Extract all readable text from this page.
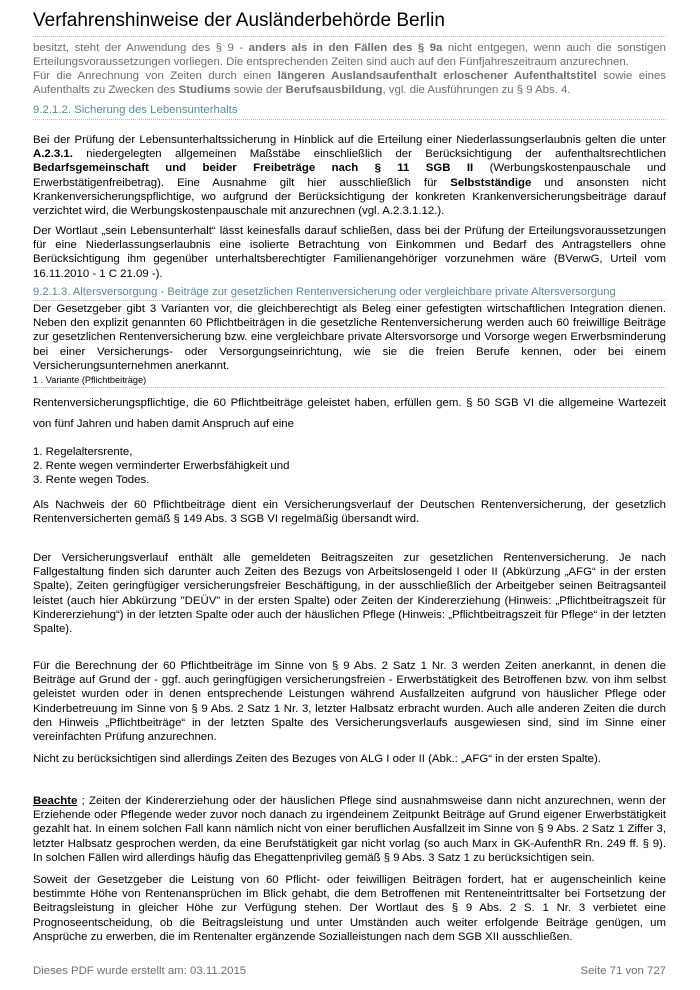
Verfahrenshinweise der Ausländerbehörde Berlin
besitzt, steht der Anwendung des § 9 - anders als in den Fällen des § 9a nicht entgegen, wenn auch die sonstigen Erteilungsvoraussetzungen vorliegen. Die entsprechenden Zeiten sind auch auf den Fünfjahreszeitraum anzurechnen.
Für die Anrechnung von Zeiten durch einen längeren Auslandsaufenthalt erloschener Aufenthaltstitel sowie eines Aufenthalts zu Zwecken des Studiums sowie der Berufsausbildung, vgl. die Ausführungen zu § 9 Abs. 4.
9.2.1.2. Sicherung des Lebensunterhalts
Bei der Prüfung der Lebensunterhaltssicherung in Hinblick auf die Erteilung einer Niederlassungserlaubnis gelten die unter A.2.3.1. niedergelegten allgemeinen Maßstäbe einschließlich der Berücksichtigung der aufenthaltsrechtlichen Bedarfsgemeinschaft und beider Freibeträge nach § 11 SGB II (Werbungskostenpauschale und Erwerbstätigenfreibetrag). Eine Ausnahme gilt hier ausschließlich für Selbstständige und ansonsten nicht Krankenversicherungspflichtige, wo aufgrund der Berücksichtigung der konkreten Krankenversicherungsbeiträge darauf verzichtet wird, die Werbungskostenpauschale mit anzurechnen (vgl. A.2.3.1.12.).
Der Wortlaut „sein Lebensunterhalt“ lässt keinesfalls darauf schließen, dass bei der Prüfung der Erteilungsvoraussetzungen für eine Niederlassungserlaubnis eine isolierte Betrachtung von Einkommen und Bedarf des Antragstellers ohne Berücksichtigung ihm gegenüber unterhaltsberechtigter Familienangehöriger vorzunehmen wäre (BVerwG, Urteil vom 16.11.2010 - 1 C 21.09 -).
9.2.1.3. Altersversorgung - Beiträge zur gesetzlichen Rentenversicherung oder vergleichbare private Altersversorgung
Der Gesetzgeber gibt 3 Varianten vor, die gleichberechtigt als Beleg einer gefestigten wirtschaftlichen Integration dienen. Neben den explizit genannten 60 Pflichtbeiträgen in die gesetzliche Rentenversicherung werden auch 60 freiwillige Beiträge zur gesetzlichen Rentenversicherung bzw. eine vergleichbare private Altersvorsorge und Vorsorge wegen Erwerbsminderung bei einer Versicherungs- oder Versorgungseinrichtung, wie sie die freien Berufe kennen, oder bei einem Versicherungsunternehmen anerkannt.
1 . Variante (Pflichtbeiträge)
Rentenversicherungspflichtige, die 60 Pflichtbeiträge geleistet haben, erfüllen gem. § 50 SGB VI die allgemeine Wartezeit von fünf Jahren und haben damit Anspruch auf eine
1. Regelaltersrente,
2. Rente wegen verminderter Erwerbsfähigkeit und
3. Rente wegen Todes.
Als Nachweis der 60 Pflichtbeiträge dient ein Versicherungsverlauf der Deutschen Rentenversicherung, der gesetzlich Rentenversicherten gemäß § 149 Abs. 3 SGB VI regelmäßig übersandt wird.
Der Versicherungsverlauf enthält alle gemeldeten Beitragszeiten zur gesetzlichen Rentenversicherung. Je nach Fallgestaltung finden sich darunter auch Zeiten des Bezugs von Arbeitslosengeld I oder II (Abkürzung „AFG“ in der ersten Spalte), Zeiten geringfügiger versicherungsfreier Beschäftigung, in der ausschließlich der Arbeitgeber seinen Beitragsanteil leistet (auch hier Abkürzung "DEÜV" in der ersten Spalte) oder Zeiten der Kindererziehung (Hinweis: „Pflichtbeitragszeit für Kindererziehung“) in der letzten Spalte oder auch der häuslichen Pflege (Hinweis: „Pflichtbeitragszeit für Pflege“ in der letzten Spalte).
Für die Berechnung der 60 Pflichtbeiträge im Sinne von § 9 Abs. 2 Satz 1 Nr. 3 werden Zeiten anerkannt, in denen die Beiträge auf Grund der - ggf. auch geringfügigen versicherungsfreien - Erwerbstätigkeit des Betroffenen bzw. von ihm selbst geleistet wurden oder in denen entsprechende Leistungen während Ausfallzeiten aufgrund von häuslicher Pflege oder Kinderbetreuung im Sinne von § 9 Abs. 2 Satz 1 Nr. 3, letzter Halbsatz erbracht wurden. Auch alle anderen Zeiten die durch den Hinweis „Pflichtbeiträge“ in der letzten Spalte des Versicherungsverlaufs ausgewiesen sind, sind im Sinne einer vereinfachten Prüfung anzurechnen.
Nicht zu berücksichtigen sind allerdings Zeiten des Bezuges von ALG I oder II (Abk.: „AFG“ in der ersten Spalte).
Beachte ; Zeiten der Kindererziehung oder der häuslichen Pflege sind ausnahmsweise dann nicht anzurechnen, wenn der Erziehende oder Pflegende weder zuvor noch danach zu irgendeinem Zeitpunkt Beiträge auf Grund eigener Erwerbstätigkeit gezahlt hat. In einem solchen Fall kann nämlich nicht von einer beruflichen Ausfallzeit im Sinne von § 9 Abs. 2 Satz 1 Ziffer 3, letzter Halbsatz gesprochen werden, da eine Berufstätigkeit gar nicht vorlag (so auch Marx in GK-AufenthR Rn. 249 ff. § 9). In solchen Fällen wird allerdings häufig das Ehegattenprivileg gemäß § 9 Abs. 3 Satz 1 zu berücksichtigen sein.
Soweit der Gesetzgeber die Leistung von 60 Pflicht- oder feiwilligen Beiträgen fordert, hat er augenscheinlich keine bestimmte Höhe von Rentenansprüchen im Blick gehabt, die dem Betroffenen mit Renteneintrittsalter bei Fortsetzung der Beitragsleistung in gleicher Höhe zur Verfügung stehen. Der Wortlaut des § 9 Abs. 2 S. 1 Nr. 3 verbietet eine Prognoseentscheidung, ob die Beitragsleistung und unter Umständen auch weiter erfolgende Beiträge genügen, um Ansprüche zu erwerben, die im Rentenalter ergänzende Sozialleistungen nach dem SGB XII ausschließen.
Dieses PDF wurde erstellt am: 03.11.2015	Seite 71 von 727
